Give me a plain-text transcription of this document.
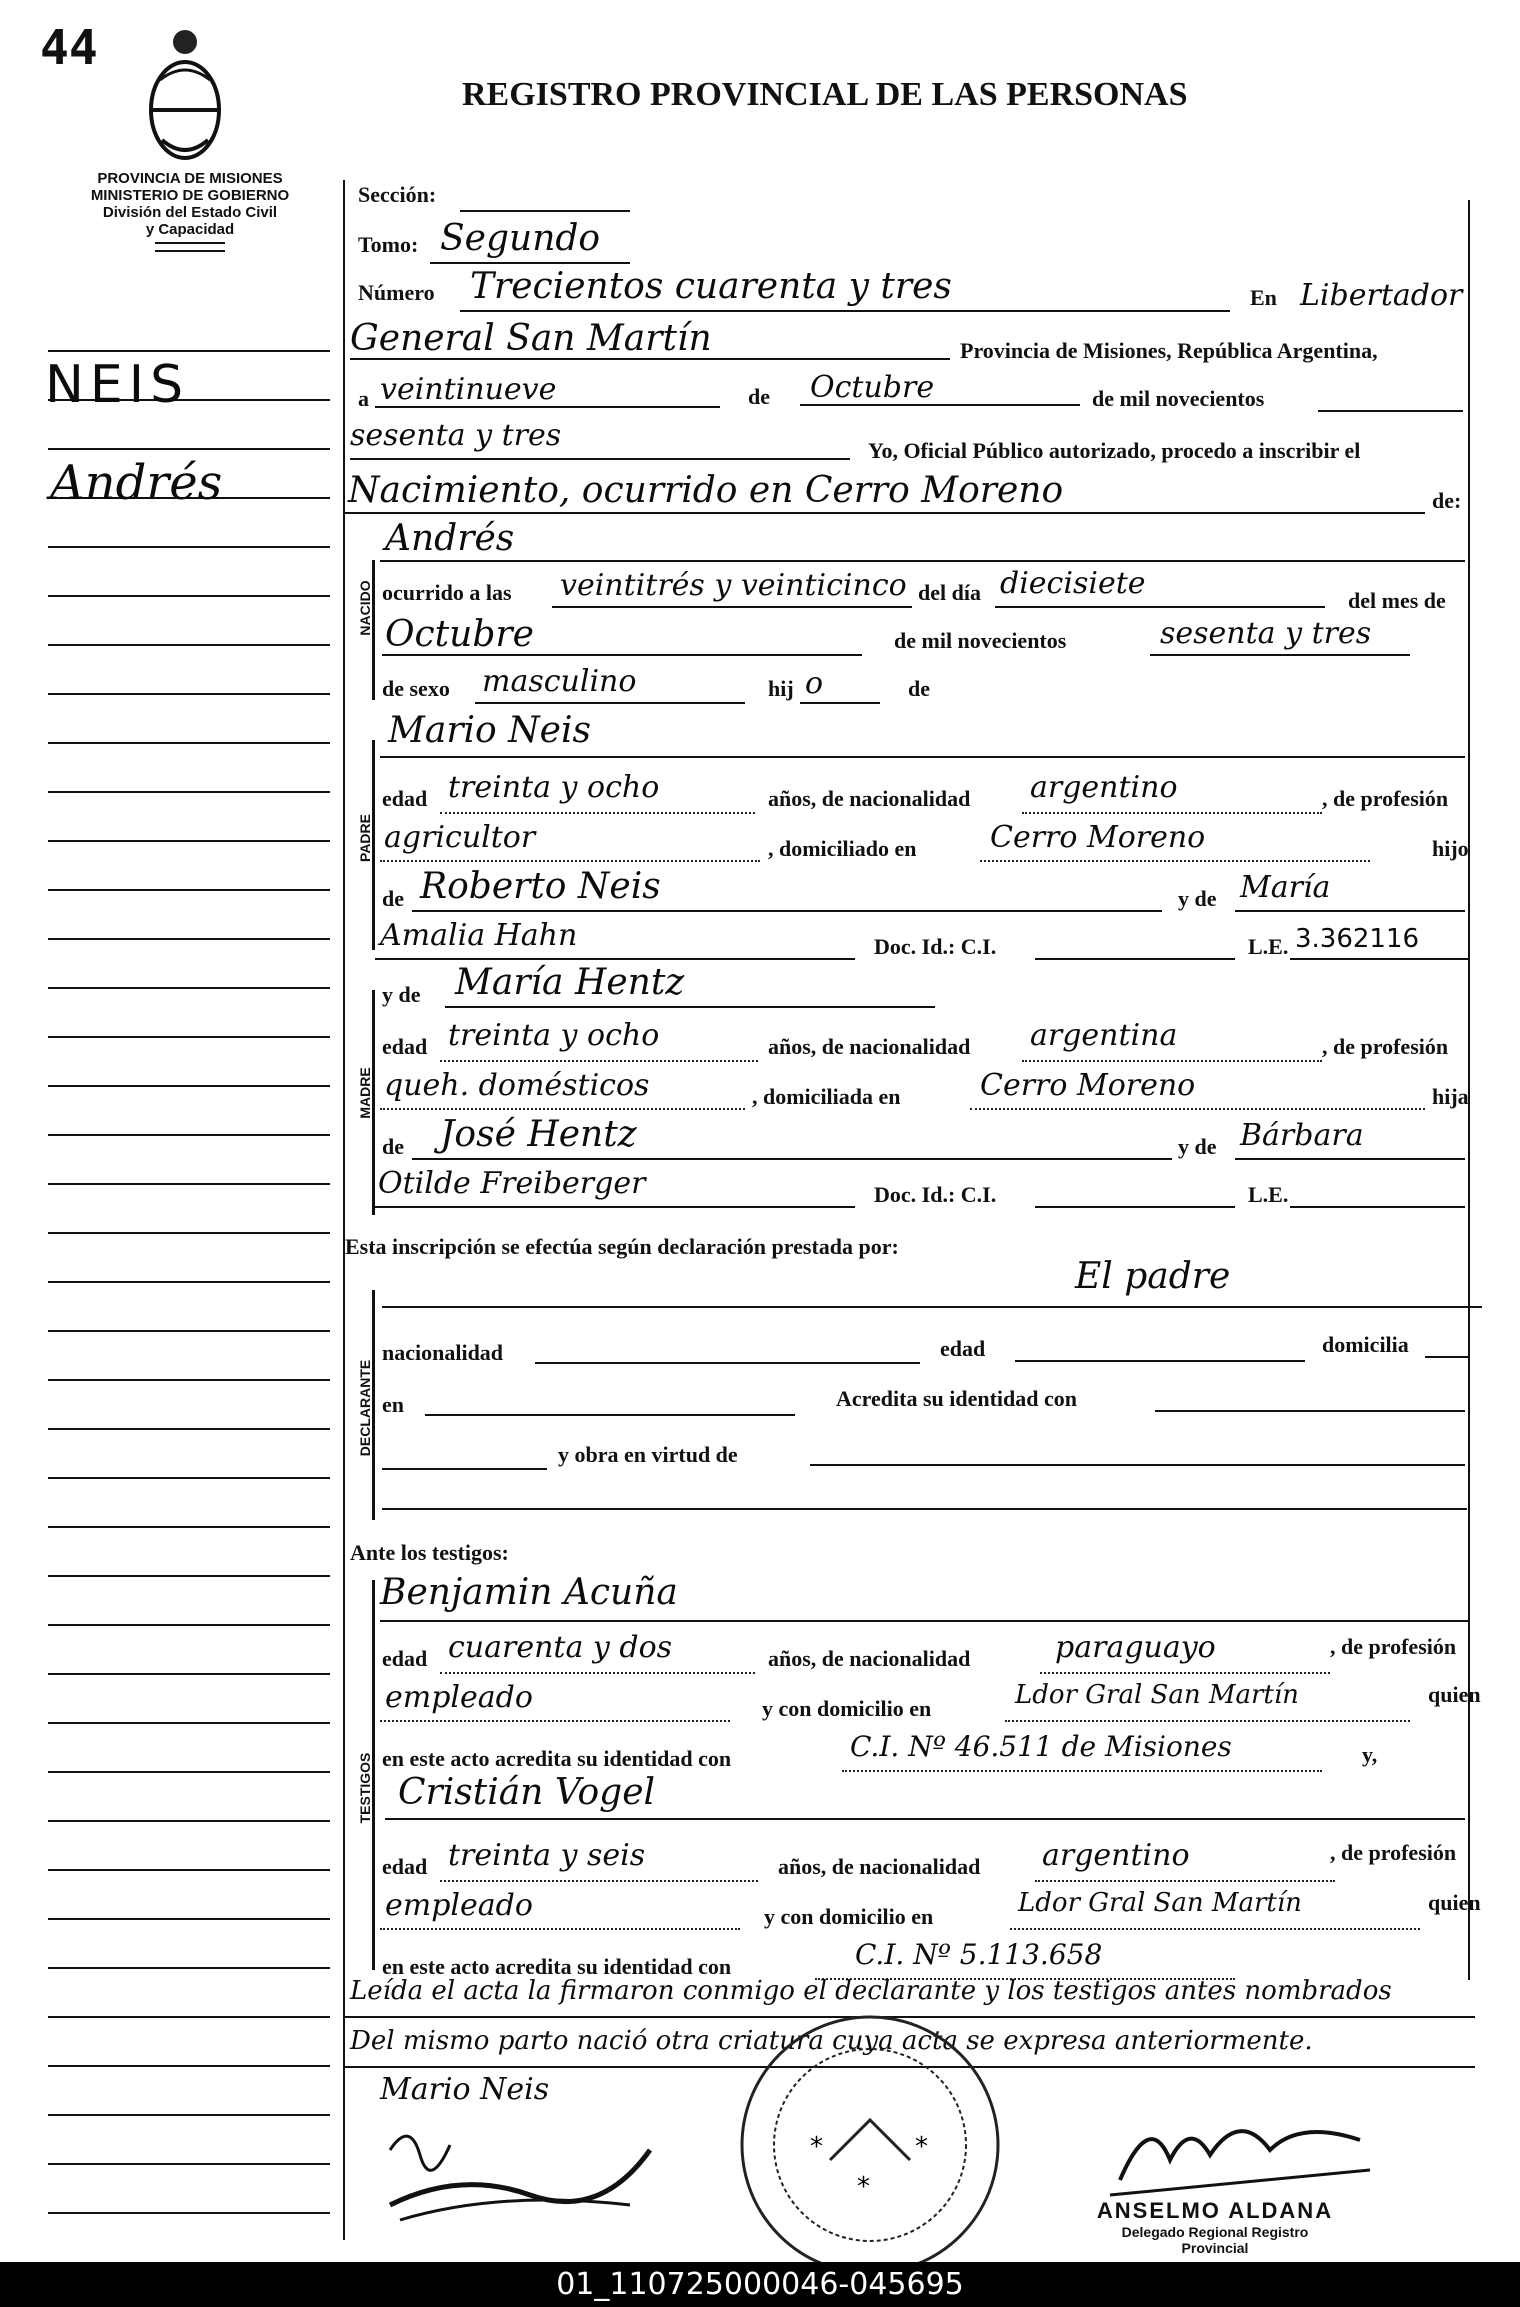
44
REGISTRO PROVINCIAL DE LAS PERSONAS
PROVINCIA DE MISIONES
MINISTERIO DE GOBIERNO
División del Estado Civil
y Capacidad
NEIS
Andrés
Sección:
Tomo: Segundo
Número Trecientos cuarenta y tres	En Libertador
General San Martín	Provincia de Misiones, República Argentina,
a veintinueve	de Octubre	de mil novecientos
sesenta y tres	Yo, Oficial Público autorizado, procedo a inscribir el
Nacimiento, ocurrido en Cerro Moreno	de:
NACIDO
Andrés
ocurrido a las veintitrés y veinticinco del día diecisiete	del mes de
Octubre	de mil novecientos	sesenta y tres
de sexo masculino	hij o	de
PADRE
Mario Neis
edad treinta y ocho	años, de nacionalidad argentino	, de profesión
agricultor	, domiciliado en Cerro Moreno	hijo
de Roberto Neis	y de María
Amalia Hahn	Doc. Id.: C.I.	L.E. 3.362116
MADRE
y de María Hentz
edad treinta y ocho	años, de nacionalidad argentina	, de profesión
queh. domésticos	, domiciliada en	Cerro Moreno	hija
de José Hentz	y de Bárbara
Otilde Freiberger	Doc. Id.: C.I.	L.E.
Esta inscripción se efectúa según declaración prestada por:
DECLARANTE
El padre
nacionalidad	edad	domicilia
en	Acredita su identidad con
y obra en virtud de
Ante los testigos:
TESTIGOS
Benjamin Acuña
edad cuarenta y dos	años, de nacionalidad	paraguayo	, de profesión
empleado	y con domicilio en	Ldor Gral San Martín	quien
en este acto acredita su identidad con	C.I. Nº 46.511 de Misiones	y,
Cristián Vogel
edad treinta y seis	años, de nacionalidad argentino	, de profesión
empleado	y con domicilio en	Ldor Gral San Martín	quien
en este acto acredita su identidad con	C.I. Nº 5.113.658
Leída el acta la firmaron conmigo el declarante y los testigos antes nombrados
Del mismo parto nació otra criatura cuya acta se expresa anteriormente.
Mario Neis
*	*
*
ANSELMO ALDANA
Delegado Regional Registro
Provincial
01_110725000046-045695
